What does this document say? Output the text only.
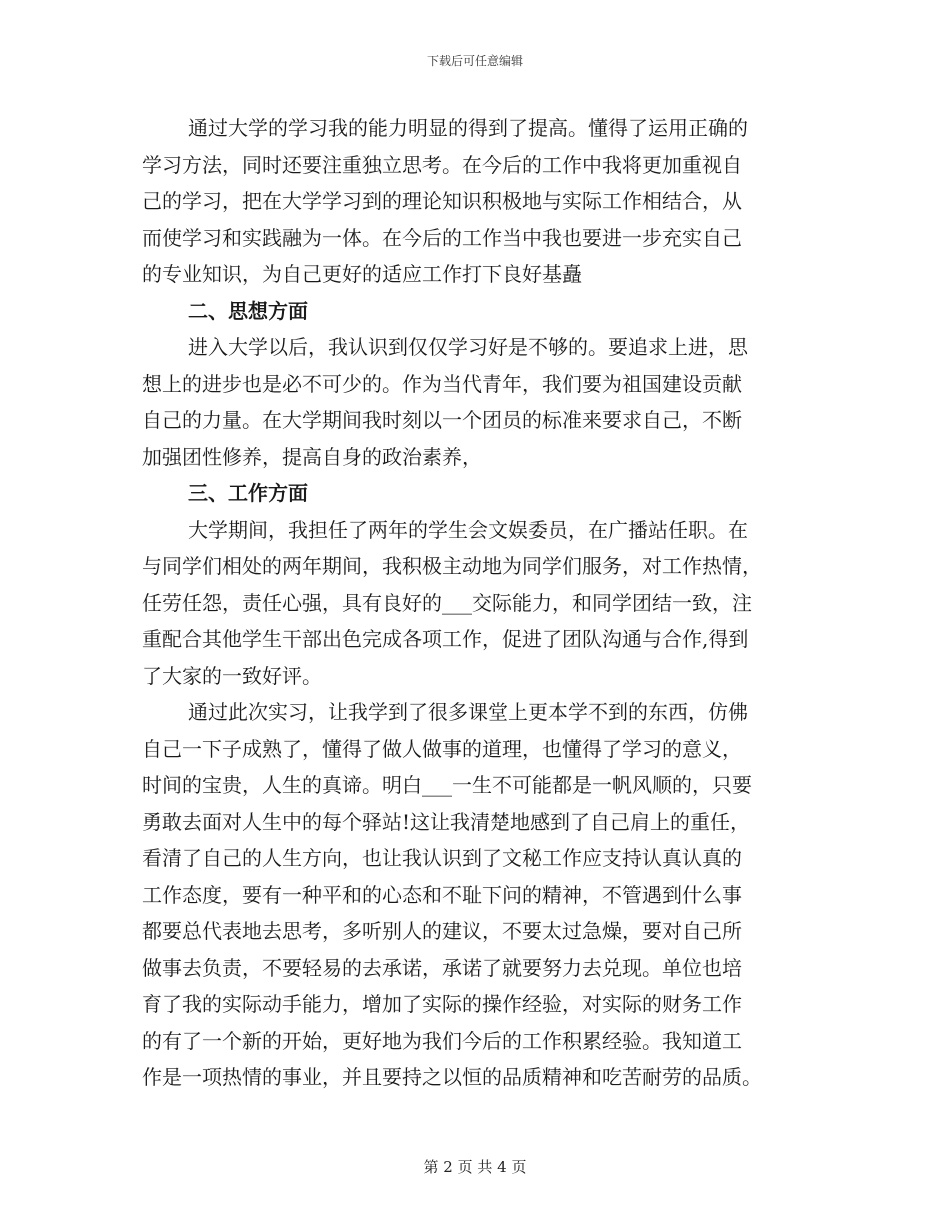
下载后可任意编辑
通过大学的学习我的能力明显的得到了提高。懂得了运用正确的
学习方法，同时还要注重独立思考。在今后的工作中我将更加重视自
己的学习，把在大学学习到的理论知识积极地与实际工作相结合，从
而使学习和实践融为一体。在今后的工作当中我也要进一步充实自己
的专业知识，为自己更好的适应工作打下良好基矗
二、思想方面
进入大学以后，我认识到仅仅学习好是不够的。要追求上进，思
想上的进步也是必不可少的。作为当代青年，我们要为祖国建设贡献
自己的力量。在大学期间我时刻以一个团员的标准来要求自己，不断
加强团性修养，提高自身的政治素养，
三、工作方面
大学期间，我担任了两年的学生会文娱委员，在广播站任职。在
与同学们相处的两年期间，我积极主动地为同学们服务，对工作热情，
任劳任怨，责任心强，具有良好的___交际能力，和同学团结一致，注
重配合其他学生干部出色完成各项工作，促进了团队沟通与合作,得到
了大家的一致好评。
通过此次实习，让我学到了很多课堂上更本学不到的东西，仿佛
自己一下子成熟了，懂得了做人做事的道理，也懂得了学习的意义，
时间的宝贵，人生的真谛。明白___一生不可能都是一帆风顺的，只要
勇敢去面对人生中的每个驿站!这让我清楚地感到了自己肩上的重任，
看清了自己的人生方向，也让我认识到了文秘工作应支持认真认真的
工作态度，要有一种平和的心态和不耻下问的精神，不管遇到什么事
都要总代表地去思考，多听别人的建议，不要太过急燥，要对自己所
做事去负责，不要轻易的去承诺，承诺了就要努力去兑现。单位也培
育了我的实际动手能力，增加了实际的操作经验，对实际的财务工作
的有了一个新的开始，更好地为我们今后的工作积累经验。我知道工
作是一项热情的事业，并且要持之以恒的品质精神和吃苦耐劳的品质。
第 2 页 共 4 页
